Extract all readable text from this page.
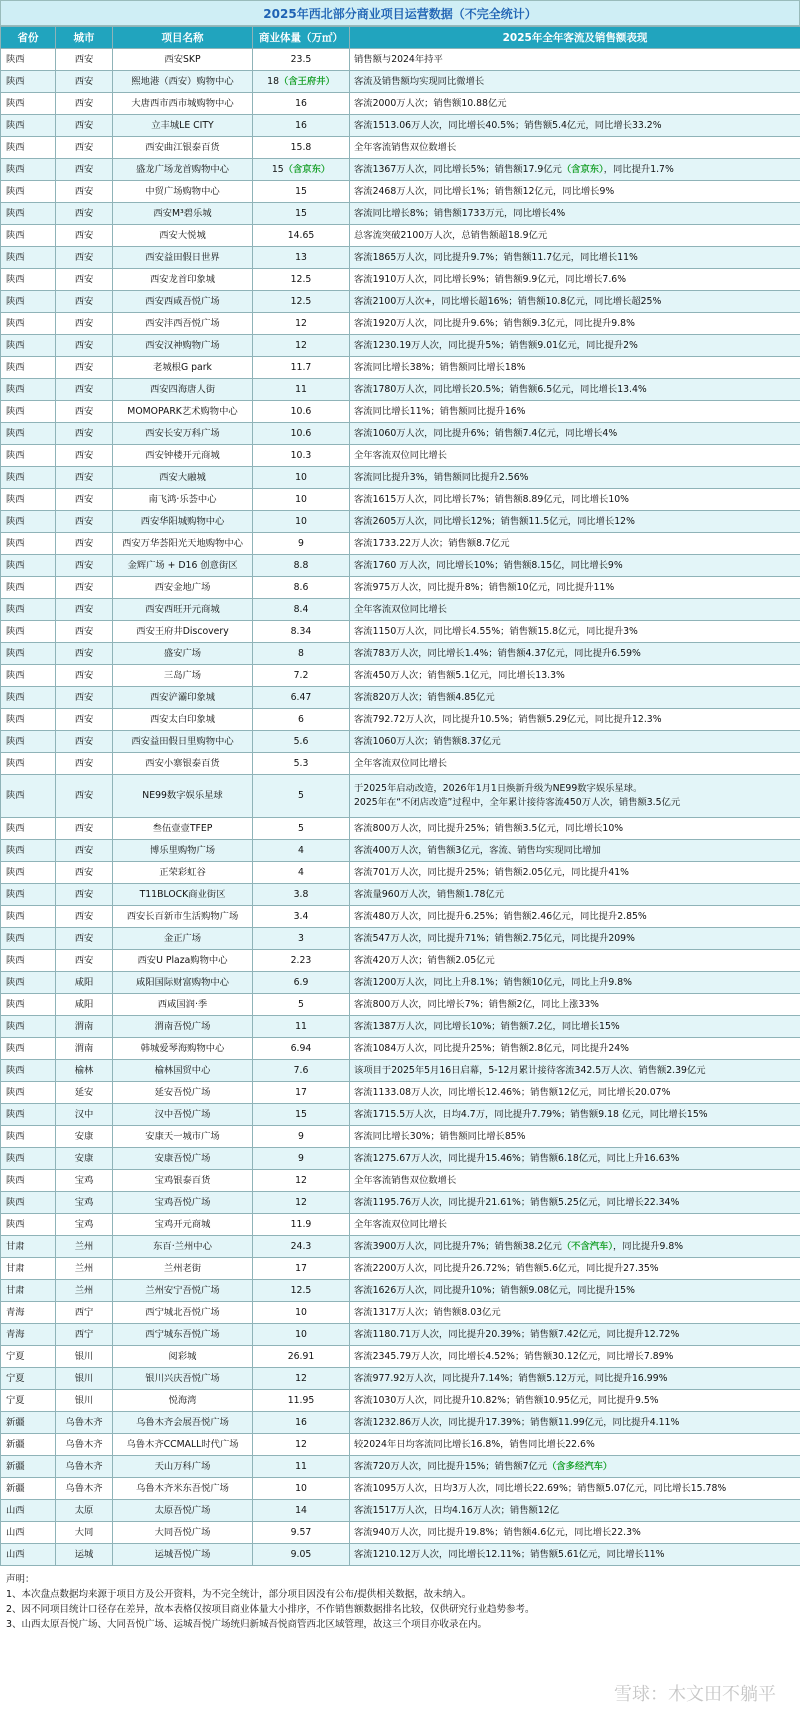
2025年西北部分商业项目运营数据（不完全统计）
省份	城市	项目名称	商业体量（万㎡）	2025年全年客流及销售额表现
陕西	西安	西安SKP	23.5	销售额与2024年持平
陕西	西安	熙地港（西安）购物中心	18（含王府井）	客流及销售额均实现同比微增长
陕西	西安	大唐西市西市城购物中心	16	客流2000万人次；销售额10.88亿元
陕西	西安	立丰城LE CITY	16	客流1513.06万人次，同比增长40.5%；销售额5.4亿元，同比增长33.2%
陕西	西安	西安曲江银泰百货	15.8	全年客流销售双位数增长
陕西	西安	盛龙广场龙首购物中心	15（含京东）	客流1367万人次，同比增长5%；销售额17.9亿元（含京东），同比提升1.7%
陕西	西安	中贸广场购物中心	15	客流2468万人次，同比增长1%；销售额12亿元，同比增长9%
陕西	西安	西安M³碧乐城	15	客流同比增长8%；销售额1733万元，同比增长4%
陕西	西安	西安大悦城	14.65	总客流突破2100万人次，总销售额超18.9亿元
陕西	西安	西安益田假日世界	13	客流1865万人次，同比提升9.7%；销售额11.7亿元，同比增长11%
陕西	西安	西安龙首印象城	12.5	客流1910万人次，同比增长9%；销售额9.9亿元，同比增长7.6%
陕西	西安	西安西咸吾悦广场	12.5	客流2100万人次+，同比增长超16%；销售额10.8亿元，同比增长超25%
陕西	西安	西安沣西吾悦广场	12	客流1920万人次，同比提升9.6%；销售额9.3亿元，同比提升9.8%
陕西	西安	西安汉神购物广场	12	客流1230.19万人次，同比提升5%；销售额9.01亿元，同比提升2%
陕西	西安	老城根G park	11.7	客流同比增长38%；销售额同比增长18%
陕西	西安	西安四海唐人街	11	客流1780万人次，同比增长20.5%；销售额6.5亿元，同比增长13.4%
陕西	西安	MOMOPARK艺术购物中心	10.6	客流同比增长11%；销售额同比提升16%
陕西	西安	西安长安万科广场	10.6	客流1060万人次，同比提升6%；销售额7.4亿元，同比增长4%
陕西	西安	西安钟楼开元商城	10.3	全年客流双位同比增长
陕西	西安	西安大融城	10	客流同比提升3%，销售额同比提升2.56%
陕西	西安	南飞鸿·乐荟中心	10	客流1615万人次，同比增长7%；销售额8.89亿元，同比增长10%
陕西	西安	西安华阳城购物中心	10	客流2605万人次，同比增长12%；销售额11.5亿元，同比增长12%
陕西	西安	西安万华荟阳光天地购物中心	9	客流1733.22万人次；销售额8.7亿元
陕西	西安	金辉广场 + D16 创意街区	8.8	客流1760 万人次，同比增长10%；销售额8.15亿，同比增长9%
陕西	西安	西安金地广场	8.6	客流975万人次，同比提升8%；销售额10亿元，同比提升11%
陕西	西安	西安西旺开元商城	8.4	全年客流双位同比增长
陕西	西安	西安王府井Discovery	8.34	客流1150万人次，同比增长4.55%；销售额15.8亿元，同比提升3%
陕西	西安	盛安广场	8	客流783万人次，同比增长1.4%；销售额4.37亿元，同比提升6.59%
陕西	西安	三岛广场	7.2	客流450万人次；销售额5.1亿元，同比增长13.3%
陕西	西安	西安浐灞印象城	6.47	客流820万人次；销售额4.85亿元
陕西	西安	西安太白印象城	6	客流792.72万人次，同比提升10.5%；销售额5.29亿元，同比提升12.3%
陕西	西安	西安益田假日里购物中心	5.6	客流1060万人次；销售额8.37亿元
陕西	西安	西安小寨银泰百货	5.3	全年客流双位同比增长
陕西	西安	NE99数字娱乐星球	5	于2025年启动改造，2026年1月1日焕新升级为NE99数字娱乐星球。
2025年在“不闭店改造”过程中，全年累计接待客流450万人次，销售额3.5亿元
陕西	西安	叁伍壹壹TFEP	5	客流800万人次，同比提升25%；销售额3.5亿元，同比增长10%
陕西	西安	博乐里购物广场	4	客流400万人次，销售额3亿元，客流、销售均实现同比增加
陕西	西安	正荣彩虹谷	4	客流701万人次，同比提升25%；销售额2.05亿元，同比提升41%
陕西	西安	T11BLOCK商业街区	3.8	客流量960万人次，销售额1.78亿元
陕西	西安	西安长百新市生活购物广场	3.4	客流480万人次，同比提升6.25%；销售额2.46亿元，同比提升2.85%
陕西	西安	金正广场	3	客流547万人次，同比提升71%；销售额2.75亿元，同比提升209%
陕西	西安	西安U Plaza购物中心	2.23	客流420万人次；销售额2.05亿元
陕西	咸阳	咸阳国际财富购物中心	6.9	客流1200万人次，同比上升8.1%；销售额10亿元，同比上升9.8%
陕西	咸阳	西咸国润·季	5	客流800万人次，同比增长7%；销售额2亿，同比上涨33%
陕西	渭南	渭南吾悦广场	11	客流1387万人次，同比增长10%；销售额7.2亿，同比增长15%
陕西	渭南	韩城爱琴海购物中心	6.94	客流1084万人次，同比提升25%；销售额2.8亿元，同比提升24%
陕西	榆林	榆林国贸中心	7.6	该项目于2025年5月16日启幕，5-12月累计接待客流342.5万人次、销售额2.39亿元
陕西	延安	延安吾悦广场	17	客流1133.08万人次，同比增长12.46%；销售额12亿元，同比增长20.07%
陕西	汉中	汉中吾悦广场	15	客流1715.5万人次，日均4.7万，同比提升7.79%；销售额9.18 亿元，同比增长15%
陕西	安康	安康天一城市广场	9	客流同比增长30%；销售额同比增长85%
陕西	安康	安康吾悦广场	9	客流1275.67万人次，同比提升15.46%；销售额6.18亿元，同比上升16.63%
陕西	宝鸡	宝鸡银泰百货	12	全年客流销售双位数增长
陕西	宝鸡	宝鸡吾悦广场	12	客流1195.76万人次，同比提升21.61%；销售额5.25亿元，同比增长22.34%
陕西	宝鸡	宝鸡开元商城	11.9	全年客流双位同比增长
甘肃	兰州	东百·兰州中心	24.3	客流3900万人次，同比提升7%；销售额38.2亿元（不含汽车），同比提升9.8%
甘肃	兰州	兰州老街	17	客流2200万人次，同比提升26.72%；销售额5.6亿元，同比提升27.35%
甘肃	兰州	兰州安宁吾悦广场	12.5	客流1626万人次，同比提升10%；销售额9.08亿元，同比提升15%
青海	西宁	西宁城北吾悦广场	10	客流1317万人次；销售额8.03亿元
青海	西宁	西宁城东吾悦广场	10	客流1180.71万人次，同比提升20.39%；销售额7.42亿元，同比提升12.72%
宁夏	银川	阅彩城	26.91	客流2345.79万人次，同比增长4.52%；销售额30.12亿元，同比增长7.89%
宁夏	银川	银川兴庆吾悦广场	12	客流977.92万人次，同比提升7.14%；销售额5.12万元，同比提升16.99%
宁夏	银川	悦海湾	11.95	客流1030万人次，同比提升10.82%；销售额10.95亿元，同比提升9.5%
新疆	乌鲁木齐	乌鲁木齐会展吾悦广场	16	客流1232.86万人次，同比提升17.39%；销售额11.99亿元，同比提升4.11%
新疆	乌鲁木齐	乌鲁木齐CCMALL时代广场	12	较2024年日均客流同比增长16.8%，销售同比增长22.6%
新疆	乌鲁木齐	天山万科广场	11	客流720万人次，同比提升15%；销售额7亿元（含多经汽车）
新疆	乌鲁木齐	乌鲁木齐米东吾悦广场	10	客流1095万人次，日均3万人次，同比增长22.69%；销售额5.07亿元，同比增长15.78%
山西	太原	太原吾悦广场	14	客流1517万人次，日均4.16万人次；销售额12亿
山西	大同	大同吾悦广场	9.57	客流940万人次，同比提升19.8%；销售额4.6亿元，同比增长22.3%
山西	运城	运城吾悦广场	9.05	客流1210.12万人次，同比增长12.11%；销售额5.61亿元，同比增长11%
声明：
1、本次盘点数据均来源于项目方及公开资料，为不完全统计，部分项目因没有公布/提供相关数据，故未纳入。
2、因不同项目统计口径存在差异，故本表格仅按项目商业体量大小排序，不作销售额数据排名比较，仅供研究行业趋势参考。
3、山西太原吾悦广场、大同吾悦广场、运城吾悦广场统归新城吾悦商管西北区域管理，故这三个项目亦收录在内。
雪球：木文田不躺平
